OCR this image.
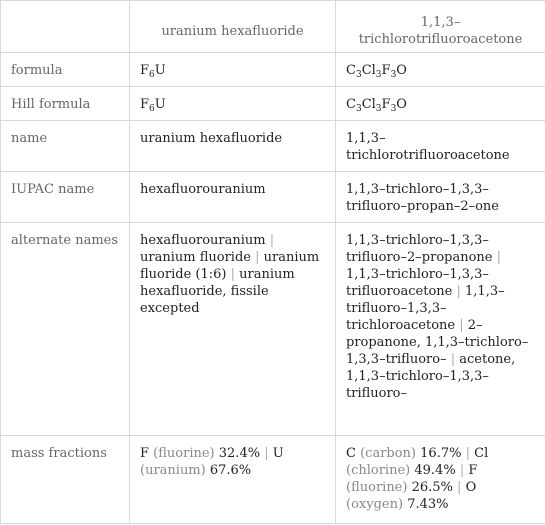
	uranium hexafluoride	1,1,3–
trichlorotrifluoroacetone
formula	$F_6U$	$C_3Cl_3F_3O$
Hill formula	$F_6U$	$C_3Cl_3F_3O$
name	uranium hexafluoride	1,1,3–
trichlorotrifluoroacetone
IUPAC name	hexafluorouranium	1,1,3–trichloro–1,3,3–
trifluoro–propan–2–one
alternate names	hexafluorouranium | uranium fluoride | uranium fluoride (1:6) | uranium hexafluoride, fissile excepted	1,1,3–trichloro–1,3,3–trifluoro–2–propanone | 1,1,3–trichloro–1,3,3–trifluoroacetone | 1,1,3–trifluoro–1,3,3–trichloroacetone | 2–propanone, 1,1,3–trichloro–1,3,3–trifluoro– | acetone, 1,1,3–trichloro–1,3,3–trifluoro–
mass fractions	F (fluorine) 32.4% | U (uranium) 67.6%	C (carbon) 16.7% | Cl (chlorine) 49.4% | F (fluorine) 26.5% | O (oxygen) 7.43%
